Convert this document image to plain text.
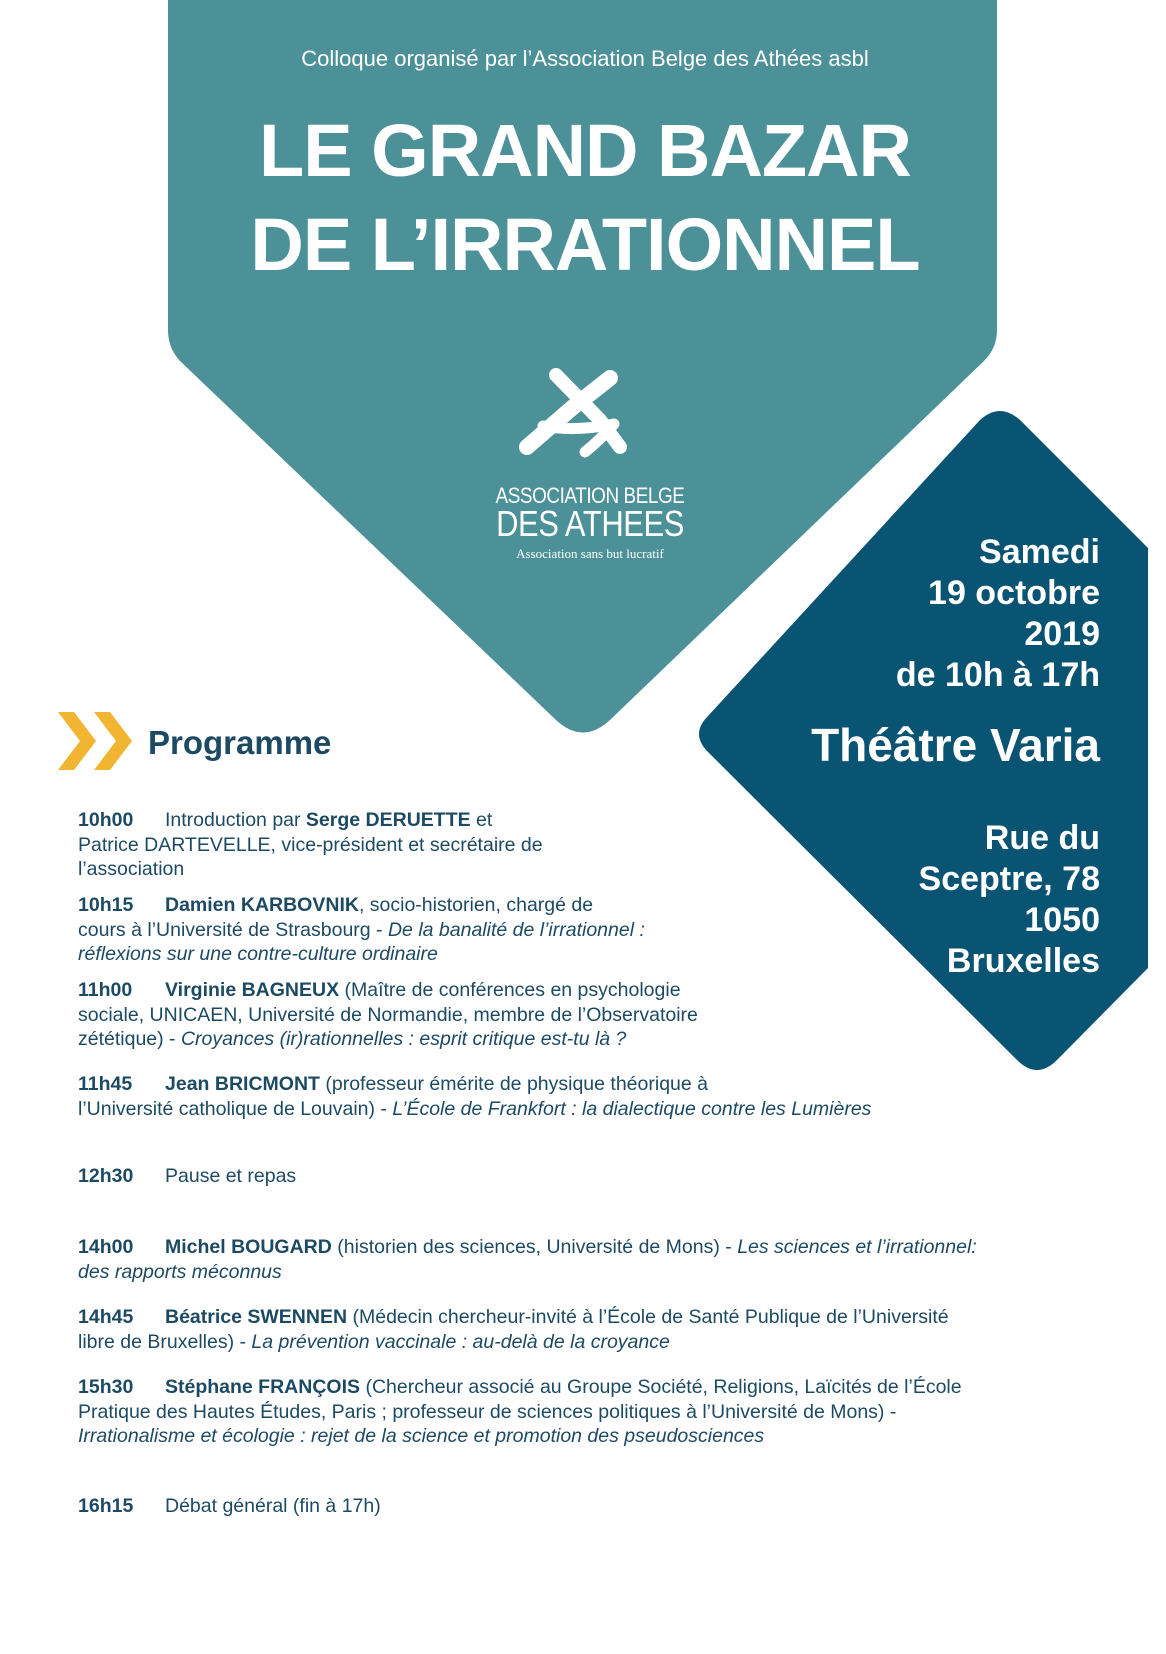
Colloque organisé par l’Association Belge des Athées asbl
LE GRAND BAZAR
DE L’IRRATIONNEL
ASSOCIATION BELGE
DES ATHEES
Association sans but lucratif	Samedi
19 octobre
2019
de 10h à 17h
Théâtre Varia
Rue du
Sceptre, 78
1050
Bruxelles
Programme
10h00 Introduction par Serge DERUETTE et
Patrice DARTEVELLE, vice-président et secrétaire de
l’association
10h15 Damien KARBOVNIK, socio-historien, chargé de
cours à l’Université de Strasbourg - De la banalité de l’irrationnel :
réflexions sur une contre-culture ordinaire
11h00 Virginie BAGNEUX (Maître de conférences en psychologie
sociale, UNICAEN, Université de Normandie, membre de l’Observatoire
zététique) - Croyances (ir)rationnelles : esprit critique est-tu là ?
11h45 Jean BRICMONT (professeur émérite de physique théorique à
l’Université catholique de Louvain) - L’École de Frankfort : la dialectique contre les Lumières
12h30 Pause et repas
14h00 Michel BOUGARD (historien des sciences, Université de Mons) - Les sciences et l’irrationnel:
des rapports méconnus
14h45 Béatrice SWENNEN (Médecin chercheur-invité à l’École de Santé Publique de l’Université
libre de Bruxelles) - La prévention vaccinale : au-delà de la croyance
15h30 Stéphane FRANÇOIS (Chercheur associé au Groupe Société, Religions, Laïcités de l’École
Pratique des Hautes Études, Paris ; professeur de sciences politiques à l’Université de Mons) -
Irrationalisme et écologie : rejet de la science et promotion des pseudosciences
16h15 Débat général (fin à 17h)
